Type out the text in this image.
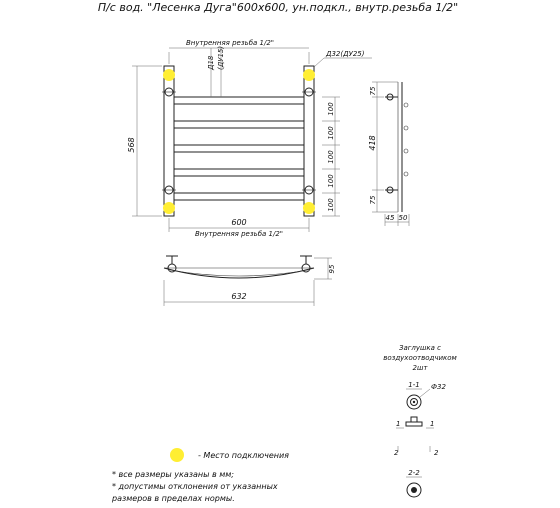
П/с вод. "Лесенка Дуга"600х600, ун.подкл., внутр.резьба 1/2"
Внутренняя резьба 1/2"
Д18 (ДУ15)	Д32(ДУ25)
568
100
100
100
100
100
600
Внутренняя резьба 1/2"
75
418
75
45 50
95
632
Заглушка с
воздухоотводчиком
2шт
1-1 Ф32
1	1
2	2
2-2
- Место подключения
* все размеры указаны в мм;
* допустимы отклонения от указанных
размеров в пределах нормы.
